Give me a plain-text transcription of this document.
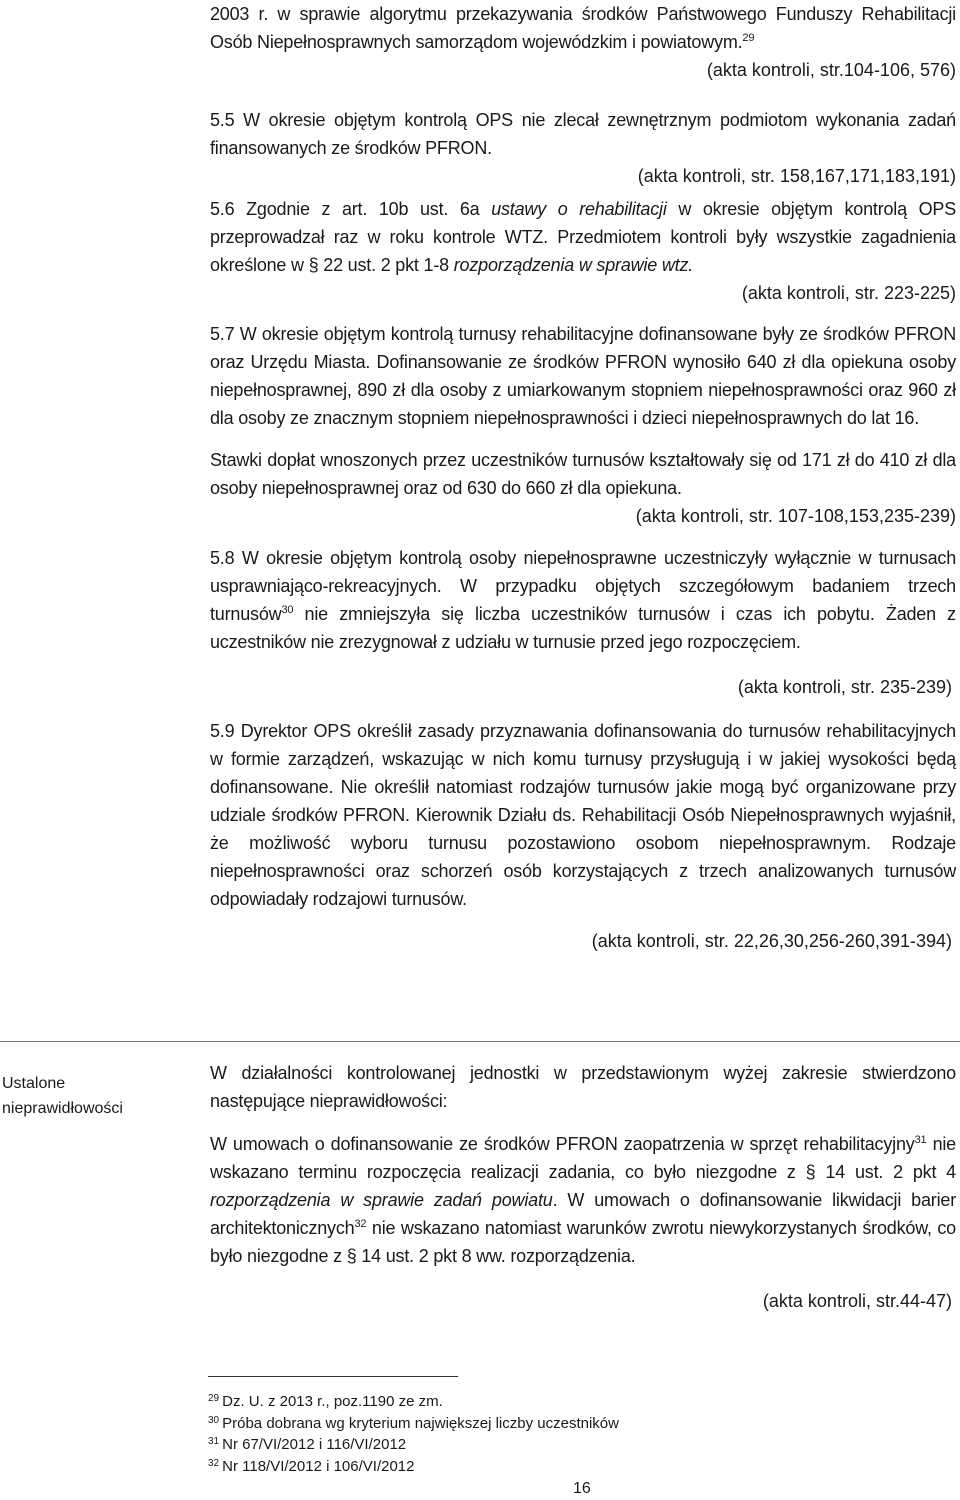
2003 r. w sprawie algorytmu przekazywania środków Państwowego Funduszy Rehabilitacji Osób Niepełnosprawnych samorządom wojewódzkim i powiatowym.$^{29}$

(akta kontroli, str.104-106, 576)

5.5 W okresie objętym kontrolą OPS nie zlecał zewnętrznym podmiotom wykonania zadań finansowanych ze środków PFRON.

(akta kontroli, str. 158,167,171,183,191)

5.6 Zgodnie z art. 10b ust. 6a ustawy o rehabilitacji w okresie objętym kontrolą OPS przeprowadzał raz w roku kontrole WTZ. Przedmiotem kontroli były wszystkie zagadnienia określone w § 22 ust. 2 pkt 1-8 rozporządzenia w sprawie wtz.

(akta kontroli, str. 223-225)

5.7 W okresie objętym kontrolą turnusy rehabilitacyjne dofinansowane były ze środków PFRON oraz Urzędu Miasta. Dofinansowanie ze środków PFRON wynosiło 640 zł dla opiekuna osoby niepełnosprawnej, 890 zł dla osoby z umiarkowanym stopniem niepełnosprawności oraz 960 zł dla osoby ze znacznym stopniem niepełnosprawności i dzieci niepełnosprawnych do lat 16.

Stawki dopłat wnoszonych przez uczestników turnusów kształtowały się od 171 zł do 410 zł dla osoby niepełnosprawnej oraz od 630 do 660 zł dla opiekuna.

(akta kontroli, str. 107-108,153,235-239)

5.8 W okresie objętym kontrolą osoby niepełnosprawne uczestniczyły wyłącznie w turnusach usprawniająco-rekreacyjnych. W przypadku objętych szczegółowym badaniem trzech turnusów$^{30}$ nie zmniejszyła się liczba uczestników turnusów i czas ich pobytu. Żaden z uczestników nie zrezygnował z udziału w turnusie przed jego rozpoczęciem.

(akta kontroli, str. 235-239)

5.9 Dyrektor OPS określił zasady przyznawania dofinansowania do turnusów rehabilitacyjnych w formie zarządzeń, wskazując w nich komu turnusy przysługują i w jakiej wysokości będą dofinansowane. Nie określił natomiast rodzajów turnusów jakie mogą być organizowane przy udziale środków PFRON. Kierownik Działu ds. Rehabilitacji Osób Niepełnosprawnych wyjaśnił, że możliwość wyboru turnusu pozostawiono osobom niepełnosprawnym. Rodzaje niepełnosprawności oraz schorzeń osób korzystających z trzech analizowanych turnusów odpowiadały rodzajowi turnusów.

(akta kontroli, str. 22,26,30,256-260,391-394)

Ustalone
nieprawidłowości

W działalności kontrolowanej jednostki w przedstawionym wyżej zakresie stwierdzono następujące nieprawidłowości:

W umowach o dofinansowanie ze środków PFRON zaopatrzenia w sprzęt rehabilitacyjny$^{31}$ nie wskazano terminu rozpoczęcia realizacji zadania, co było niezgodne z § 14 ust. 2 pkt 4 rozporządzenia w sprawie zadań powiatu. W umowach o dofinansowanie likwidacji barier architektonicznych$^{32}$ nie wskazano natomiast warunków zwrotu niewykorzystanych środków, co było niezgodne z § 14 ust. 2 pkt 8 ww. rozporządzenia.

(akta kontroli, str.44-47)

$^{29}$ Dz. U. z 2013 r., poz.1190 ze zm.
$^{30}$ Próba dobrana wg kryterium największej liczby uczestników
$^{31}$ Nr 67/VI/2012 i 116/VI/2012
$^{32}$ Nr 118/VI/2012 i 106/VI/2012
16
